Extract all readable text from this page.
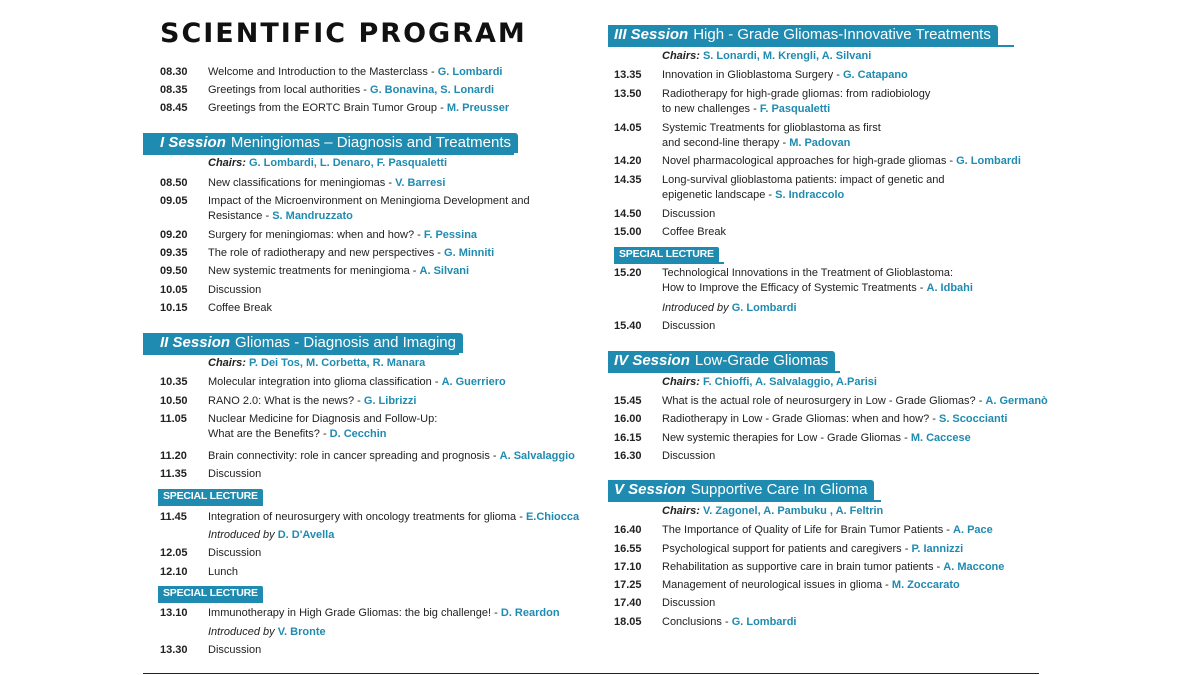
SCIENTIFIC PROGRAM
08.30 Welcome and Introduction to the Masterclass - G. Lombardi
08.35 Greetings from local authorities - G. Bonavina, S. Lonardi
08.45 Greetings from the EORTC Brain Tumor Group - M. Preusser
I Session Meningiomas – Diagnosis and Treatments
Chairs: G. Lombardi, L. Denaro, F. Pasqualetti
08.50 New classifications for meningiomas - V. Barresi
09.05 Impact of the Microenvironment on Meningioma Development and
Resistance - S. Mandruzzato
09.20 Surgery for meningiomas: when and how? - F. Pessina
09.35 The role of radiotherapy and new perspectives - G. Minniti
09.50 New systemic treatments for meningioma - A. Silvani
10.05 Discussion
10.15 Coffee Break
II Session Gliomas - Diagnosis and Imaging
Chairs: P. Dei Tos, M. Corbetta, R. Manara
10.35 Molecular integration into glioma classification - A. Guerriero
10.50 RANO 2.0: What is the news? - G. Librizzi
11.05 Nuclear Medicine for Diagnosis and Follow-Up:
What are the Benefits? - D. Cecchin
11.20 Brain connectivity: role in cancer spreading and prognosis - A. Salvalaggio
11.35 Discussion
SPECIAL LECTURE
11.45 Integration of neurosurgery with oncology treatments for glioma - E.Chiocca
Introduced by D. D'Avella
12.05 Discussion
12.10 Lunch
SPECIAL LECTURE
13.10 Immunotherapy in High Grade Gliomas: the big challenge! - D. Reardon
Introduced by V. Bronte
13.30 Discussion
III Session High - Grade Gliomas-Innovative Treatments
Chairs: S. Lonardi, M. Krengli, A. Silvani
13.35 Innovation in Glioblastoma Surgery - G. Catapano
13.50 Radiotherapy for high-grade gliomas: from radiobiology
to new challenges - F. Pasqualetti
14.05 Systemic Treatments for glioblastoma as first
and second-line therapy - M. Padovan
14.20 Novel pharmacological approaches for high-grade gliomas - G. Lombardi
14.35 Long-survival glioblastoma patients: impact of genetic and
epigenetic landscape - S. Indraccolo
14.50 Discussion
15.00 Coffee Break
SPECIAL LECTURE
15.20 Technological Innovations in the Treatment of Glioblastoma:
How to Improve the Efficacy of Systemic Treatments - A. Idbahi
Introduced by G. Lombardi
15.40 Discussion
IV Session Low-Grade Gliomas
Chairs: F. Chioffi, A. Salvalaggio, A.Parisi
15.45 What is the actual role of neurosurgery in Low - Grade Gliomas? - A. Germanò
16.00 Radiotherapy in Low - Grade Gliomas: when and how? - S. Scoccianti
16.15 New systemic therapies for Low - Grade Gliomas - M. Caccese
16.30 Discussion
V Session Supportive Care In Glioma
Chairs: V. Zagonel, A. Pambuku , A. Feltrin
16.40 The Importance of Quality of Life for Brain Tumor Patients - A. Pace
16.55 Psychological support for patients and caregivers - P. Iannizzi
17.10 Rehabilitation as supportive care in brain tumor patients - A. Maccone
17.25 Management of neurological issues in glioma - M. Zoccarato
17.40 Discussion
18.05 Conclusions - G. Lombardi
